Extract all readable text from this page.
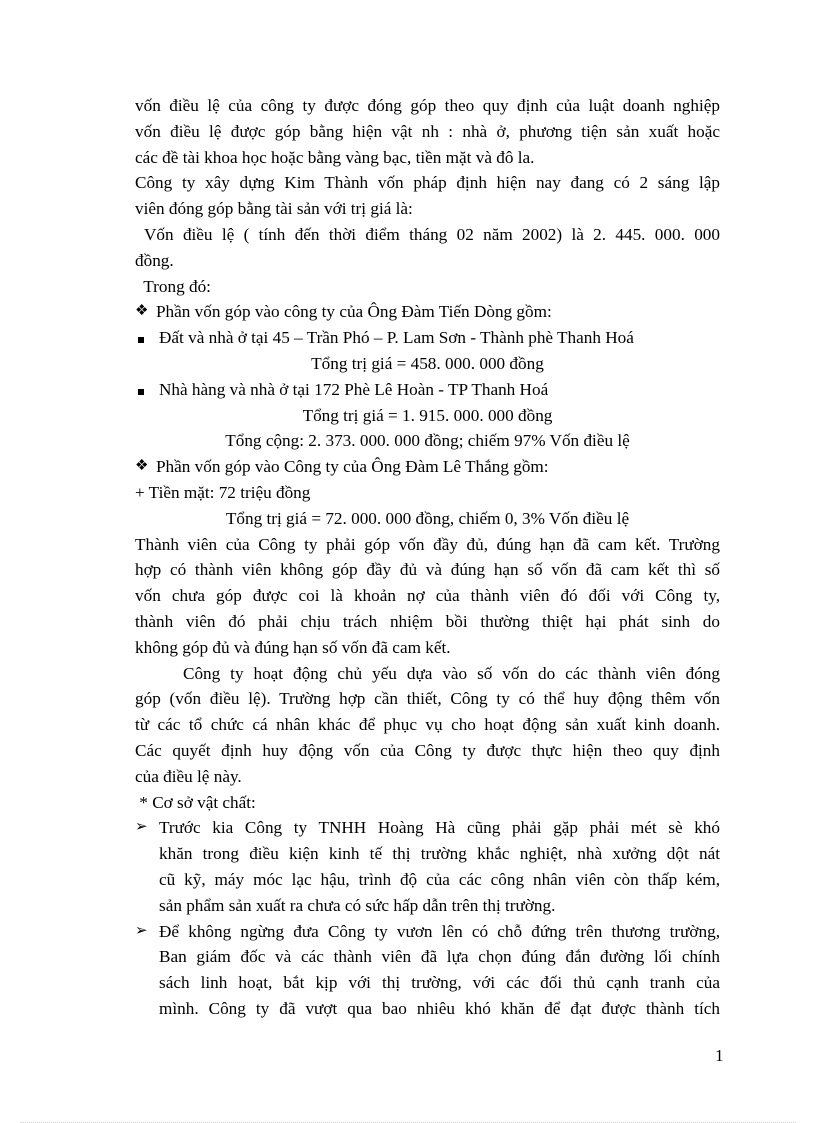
vốn điều lệ của công ty được đóng góp theo quy định của luật doanh nghiệp

vốn điều lệ được góp bằng hiện vật nh : nhà ở, phương tiện sản xuất hoặc

các đề tài khoa học hoặc bằng vàng bạc, tiền mặt và đô la.

Công ty xây dựng Kim Thành vốn pháp định hiện nay đang có 2 sáng lập

viên đóng góp bằng tài sản với trị giá là:

Vốn điều lệ ( tính đến thời điểm tháng 02 năm 2002) là 2. 445. 000. 000

đồng.

Trong đó:

❖ Phần vốn góp vào công ty của Ông Đàm Tiến Dòng gồm:
Đất và nhà ở tại 45 – Trần Phó – P. Lam Sơn - Thành phè Thanh Hoá

Tổng trị giá = 458. 000. 000 đồng

Nhà hàng và nhà ở tại 172 Phè Lê Hoàn - TP Thanh Hoá

Tổng trị giá = 1. 915. 000. 000 đồng

Tổng cộng: 2. 373. 000. 000 đồng; chiếm 97% Vốn điều lệ

❖ Phần vốn góp vào Công ty của Ông Đàm Lê Thắng gồm:

+ Tiền mặt: 72 triệu đồng

Tổng trị giá = 72. 000. 000 đồng, chiếm 0, 3% Vốn điều lệ

Thành viên của Công ty phải góp vốn đầy đủ, đúng hạn đã cam kết. Trường

hợp có thành viên không góp đầy đủ và đúng hạn số vốn đã cam kết thì số

vốn chưa góp được coi là khoản nợ của thành viên đó đối với Công ty,

thành viên đó phải chịu trách nhiệm bồi thường thiệt hại phát sinh do

không góp đủ và đúng hạn số vốn đã cam kết.

Công ty hoạt động chủ yếu dựa vào số vốn do các thành viên đóng

góp (vốn điều lệ). Trường hợp cần thiết, Công ty có thể huy động thêm vốn

từ các tổ chức cá nhân khác để phục vụ cho hoạt động sản xuất kinh doanh.

Các quyết định huy động vốn của Công ty được thực hiện theo quy định

của điều lệ này.

* Cơ sở vật chất:

➢ Trước kia Công ty TNHH Hoàng Hà cũng phải gặp phải mét sè khó

khăn trong điều kiện kinh tế thị trường khắc nghiệt, nhà xưởng dột nát

cũ kỹ, máy móc lạc hậu, trình độ của các công nhân viên còn thấp kém,

sản phẩm sản xuất ra chưa có sức hấp dẫn trên thị trường.

➢ Để không ngừng đưa Công ty vươn lên có chỗ đứng trên thương trường,

Ban giám đốc và các thành viên đã lựa chọn đúng đắn đường lối chính

sách linh hoạt, bắt kịp với thị trường, với các đối thủ cạnh tranh của

mình. Công ty đã vượt qua bao nhiêu khó khăn để đạt được thành tích

1
